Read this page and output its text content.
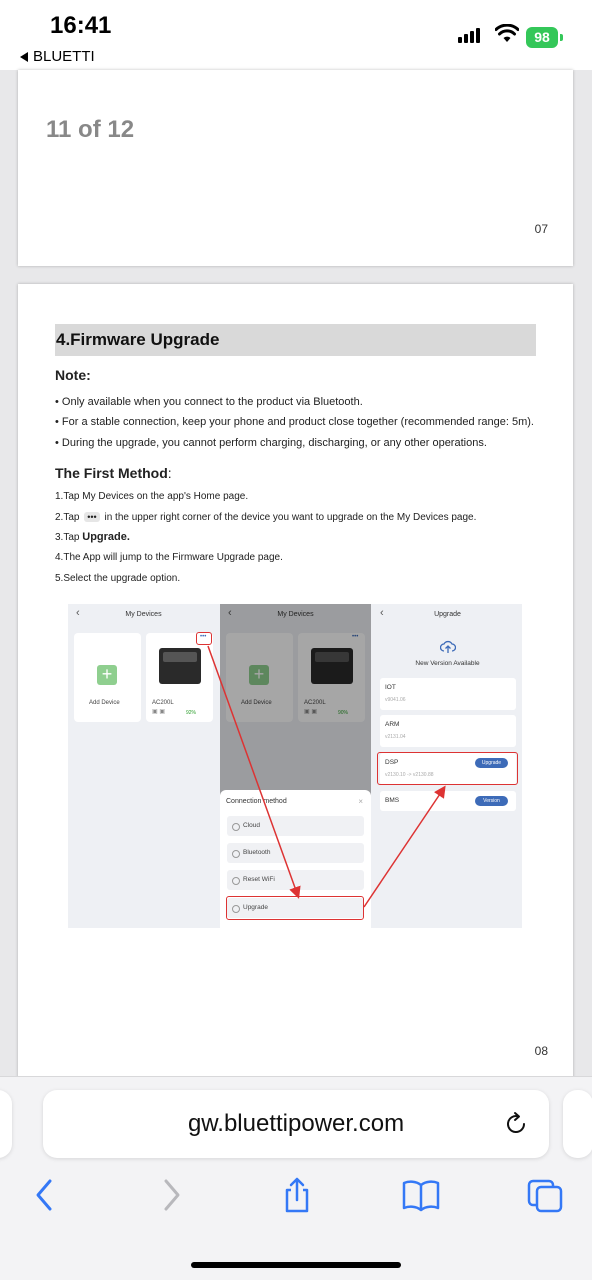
16:41
BLUETTI
98
11 of 12
07
4.Firmware Upgrade
Note:
• Only available when you connect to the product via Bluetooth.
• For a stable connection, keep your phone and product close together (recommended range: 5m).
• During the upgrade, you cannot perform charging, discharging, or any other operations.
The First Method:
1.Tap My Devices on the app's Home page.
2.Tap ••• in the upper right corner of the device you want to upgrade on the My Devices page.
3.Tap Upgrade.
4.The App will jump to the Firmware Upgrade page.
5.Select the upgrade option.
‹	My Devices
+
Add Device	AC200L
▣ ▣	92%
•••
‹	My Devices
+
Add Device	AC200L
▣ ▣	90%
•••
Connection method	×
Cloud
Bluetooth
Reset WiFi
Upgrade
‹	Upgrade
New Version Available
IOT
v9041.06
ARM
v2131.04
DSP
v2130.10 -> v2130.88
Upgrade
BMS	Version
08
gw.bluettipower.com
